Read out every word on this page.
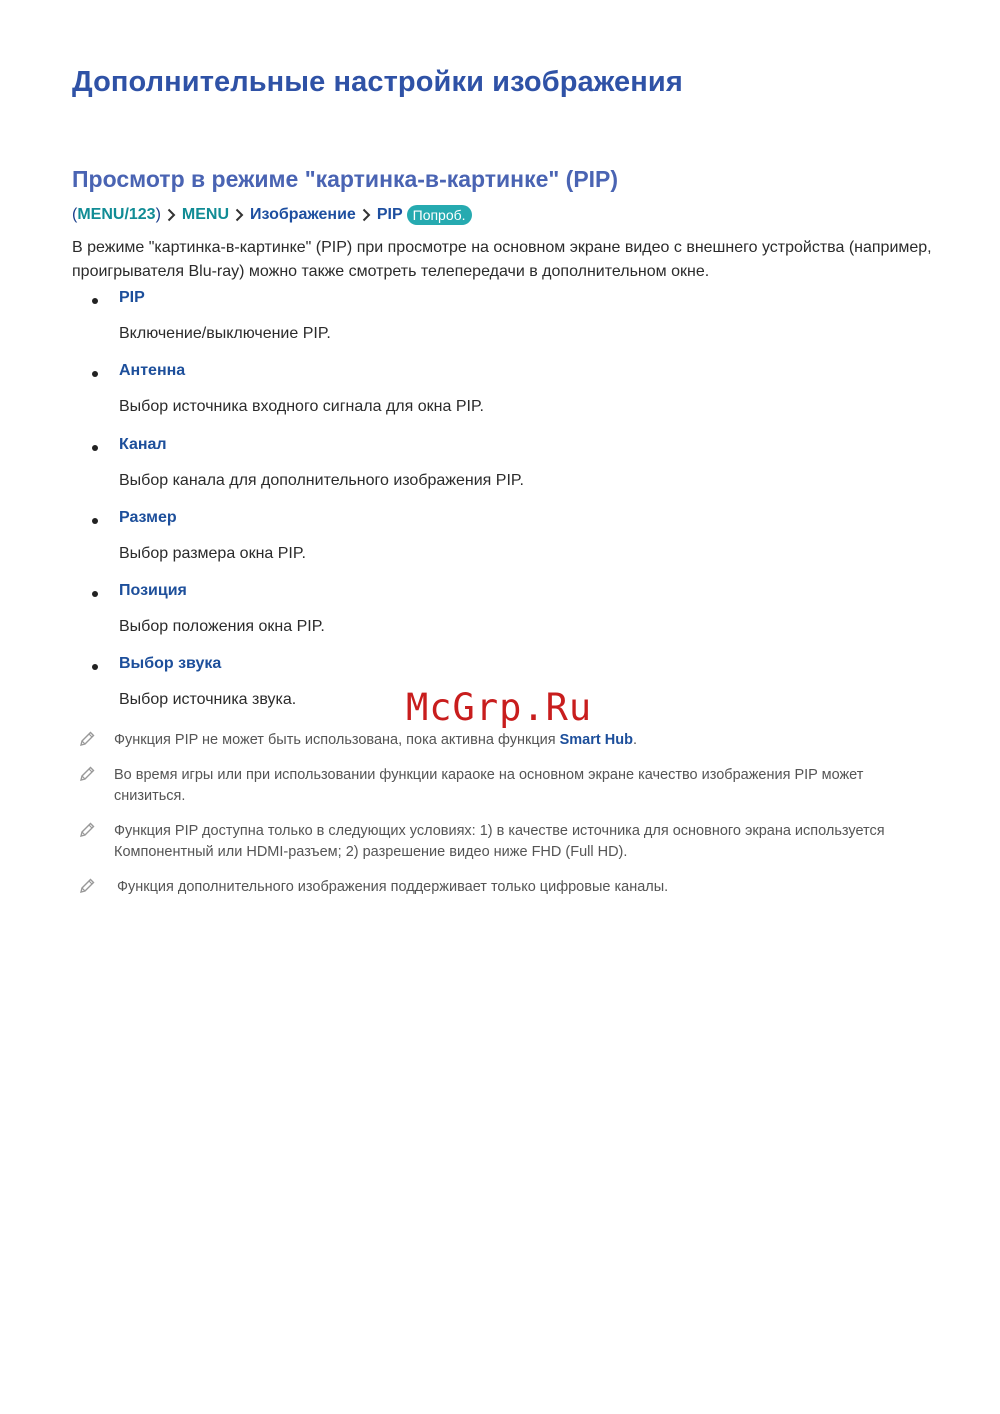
Дополнительные настройки изображения
Просмотр в режиме "картинка-в-картинке" (PIP)
( MENU/123 ) MENU Изображение PIP Попроб.

В режиме "картинка-в-картинке" (PIP) при просмотре на основном экране видео с внешнего устройства (например, проигрывателя Blu-ray) можно также смотреть телепередачи в дополнительном окне.

PIP
Включение/выключение PIP.
Антенна
Выбор источника входного сигнала для окна PIP.
Канал
Выбор канала для дополнительного изображения PIP.
Размер
Выбор размера окна PIP.
Позиция
Выбор положения окна PIP.
Выбор звука
Выбор источника звука.	McGrp.Ru
Функция PIP не может быть использована, пока активна функция Smart Hub.
Во время игры или при использовании функции караоке на основном экране качество изображения PIP может снизиться.
Функция PIP доступна только в следующих условиях: 1) в качестве источника для основного экрана используется Компонентный или HDMI-разъем; 2) разрешение видео ниже FHD (Full HD).
Функция дополнительного изображения поддерживает только цифровые каналы.
